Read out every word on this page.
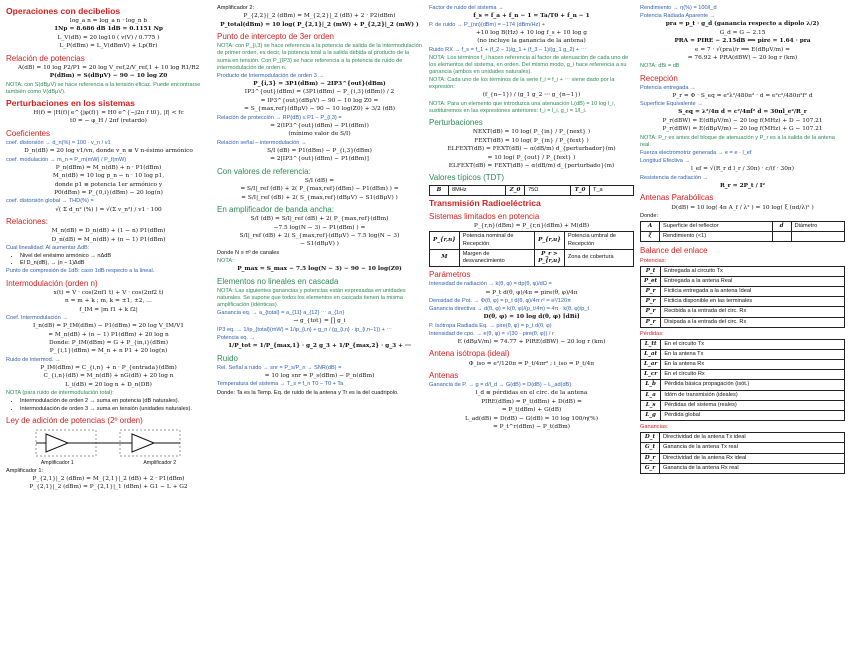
Operaciones con decibelios
log_a n = log_a n · log_n b
1Np = 8.686 dB 1dB = 0.1151 Np
L_V(dB) = 20 log10 ( v(V) / 0.775 )
L_P(dBm) = L_V(dBmV) + Lp(Br)
Relación de potencias
A(dB) = 10 log P2/P1 = 20 log V_ref,2/V_ref,1 + 10 log R1/R2
P(dBm) = S(dBμV) − 90 − 10 log Z0
NOTA: con S(dBμV) se hace referencia a la tensión eficaz. Puede encontrarse también como V(dBμV).
Perturbaciones en los sistemas
H(f) = |H(f)| e^{jφ(f)} = H0 e^{−j2π f t0}, |f| < fc
t0 = − φ_H / 2πf (retardo)
Coeficientes
coef. distorsión → d_n(%) = 100 · v_n / v1
D_n(dB) = 20 log v1/vn, donde v_n ≡ V n-ésimo armónico
coef. modulación → m_n = P_m(mW) / P_f(mW)
P_n(dBm) = M_n(dB) + n · P1(dBm)
M_n(dB) = 10 log p_n − n · 10 log p1,
donde p1 ≡ potencia 1er armónico y
P0(dBm) = P_{0,i}(dBm) − 20 log(n)
coef. distorsión global → THD(%) =
√( Σ d_n² (%) ) = √(Σ v_n²) / v1 · 100
Relaciones:
M_n(dB) = D_n(dB) + (1 − n) P1(dBm)
D_n(dB) = M_n(dB) + (n − 1) P1(dBm)
Cual linealidad: Al aumentar ΔdB:
• Nivel del enésimo armónico → nΔdB
• El D_n(dB), → (n − 1)ΔdB
Punto de compresión de 1dB: caso 1dB respecto a la lineal.
Intermodulación (orden n)
x(t) = V · cos(2πf1 t) + V · cos(2πf2 t)
n = m + k ; m, k = ±1, ±2, …
f_IM = |m f1 + k f2|
Coef. Intermodulación →
I_n(dB) = P_IM(dBm) − P1(dBm) = 20 log V_IM/V1
= M_n(dB) + (n − 1) P1(dBm) + 20 log n
Donde: P_IM(dBm) = G + P_{in,i}(dBm)
P_{i,1}(dBm) = M_n + n P1 + 20 log(n)
Ruido de intermod. →
P_IM(dBm) = C_{i,n} + n · P_{entrada}(dBm)
C_{i,n}(dB) = M_n(dB) + nG(dB) + 20 log n
L_i(dB) = 20 log n + D_n(DB)
NOTA (para ruido de intermodulación total):
• Intermodulación de orden 2 → suma en potencia (dB naturales).
• Intermodulación de orden 3 → suma en tensión (unidades naturales).
Ley de adición de potencias (2º orden)
Amplificador 1	Amplificador 2
Amplificador 1:
P_{2,1}|_2 (dBm) = M_{2,1}|_2 (dB) + 2 · P1(dBm)
P_{2,1}|_2 (dBm) = P_{2,1}|_1 (dBm) + G1 − L + G2
Amplificador 2:
P_{2,2}|_2 (dBm) = M_{2,2}|_2 (dB) + 2 · P2(dBm)
P_total(dBm) = 10 log( P_{2,1}|_2 (mW) + P_{2,2}|_2 (mW) )
Punto de intercepto de 3er orden
NOTA: con P_{i,3} se hace referencia a la potencia de salida de la intermodulación de primer orden, es decir, la potencia total a la salida debida al producto de la suma en tensión. Con P_{IP3} se hace referencia a la potencia de ruido de intermodulación de orden n.
Producto de Intermodulación de orden 3 →
P_{i,3} = 3P1(dBm) − 2IP3^{out}(dBm)
IP3^{out}(dBm) = (3P1(dBm) − P_{i,3}(dBm)) / 2
= IP3^{out}(dBμV) − 90 − 10 log Z0 =
= S_{max,ref}(dBμV) − 90 − 10 log(Z0) + 3/2 (dB)
Relación de protección → RP(dB) ≤ P1 − P_{i,3} =
= 2(IP3^{out}(dBm) − P1(dBm))
(mínimo valor de S/I)
Relación señal – intermodulación →
S/I (dB) = P1(dBm) − P_{i,3}(dBm)
= 2[IP3^{out}(dBm) − P1(dBm)]
Con valores de referencia:
S/I (dB) =
= S/I|_ref (dB) + 2( P_{max,ref}(dBm) − P1(dBm) ) =
= S/I|_ref (dB) + 2( S_{max,ref}(dBμV) − S1(dBμV) )
En amplificador de banda ancha:
S/I (dB) = S/I|_ref (dB) + 2( P_{max,ref}(dBm)
−7.5 log(N − 3) − P1(dBm) ) =
S/I|_ref (dB) + 2( S_{max,ref}(dBμV) − 7.5 log(N − 3)
− S1(dBμV) )
Donde N ≡ nº de canales
NOTA:
P_max = S_max − 7.5 log(N − 3) − 90 − 10 log(Z0)
Elementos no lineales en cascada
NOTA: Las siguientes ganancias y potencias están expresadas en unidades naturales. Se supone que todos los elementos en cascada tienen la misma amplificación (idénticas).
Ganancia eq. → a_{total} = a_{11} a_{12} ⋯ a_{1n}
→ g_{tot} = ∏ g_i
IP3 eq. → 1/ip_{total}(mW) = 1/ip_{i,n} + g_n / (g_{i,n} · ip_{i,n−1}) + ⋯
Potencia eq. →
1/P_tot = 1/P_{max,1} · g_2 g_3 + 1/P_{max,2} · g_3 + ⋯
Ruido
Rel. Señal a ruido → snr = P_s/P_n → SNR(dB) =
= 10 log snr = P_s(dBm) − P_n(dBm)
Temperatura del sistema → T_s = f_n T0 − T0 + Ta
Donde: Ta es la Temp. Eq. de ruido de la antena y Tr es la del cuadripolo.
Factor de ruido del sistema →
f_s = f_a + f_n − 1 = Ta/T0 + f_n − 1
P. de ruido → P_{nn}(dBm) = −174 (dBm/Hz) +
+10 log B(Hz) + 10 log f_s + 10 log g
(no incluye la ganancia de la antena)
Ruido RX → f_s = f_1 + (f_2 − 1)/g_1 + (f_3 − 1)/(g_1 g_2) + ⋯
NOTA: Los términos f_i hacen referencia al factor de atenuación de cada uno de los elementos del sistema, en orden. Del mismo modo, g_i hace referencia a su ganancia (ambos en unidades naturales).
NOTA: Cada uno de los términos de la serie f_i = f_i + ⋯ viene dado por la expresión:
(f_{n−1}) / (g_1 g_2 ⋯ g_{n−1})
NOTA: Para un elemento que introduzca una atenuación L(dB) = 10 log l_i, sustituiremos en las expresiones anteriores: f_i = l_i, g_i = 1/l_i.
Perturbaciones
NEXT(dB) = 10 log( P_{in} / P_{next} )
FEXT(dB) = 10 log( P_{in} / P_{fext} )
ELFEXT(dB) = FEXT(dB) − α(dB/m) d_{perturbador}(m)
= 10 log( P_{out} / P_{fext} )
ELFEXT(dB) = FEXT(dB) − α(dB/m) d_{perturbado}(m)
Valores típicos (TDT)
B	8MHz	Z_0	75Ω	T_0	T_a
Transmisión Radioeléctrica
Sistemas limitados en potencia
P_{r,n}(dBm) = P_{r,n}(dBm) + M(dB)
P_{r,n}	Potencia nominal de Recepción	P_{r,u}	Potencia umbral de Recepción
M	Margen de desvanecimiento	P_r > P_{r,u}	Zona de cobertura
Parámetros
Intensidad de radiación → k(θ, φ) = dp(θ, φ)/dΩ =
= P_t d(θ, φ)/4π = pire(θ, φ)/4π
Densidad de Pot. → Φ(θ, φ) = p_t d(θ, φ)/4π r² = e²/120π
Ganancia directiva → d(θ, φ) = k(θ, φ)/(p_t/4π) = 4π · k(θ, φ)/p_t
D(θ, φ) = 10 log d(θ, φ) [dBi]
P. Isótropa Radiada Eq. → pire(θ, φ) = p_t d(θ, φ)
Intensidad de cpo. → e(θ, φ) = √(30 · pire(θ, φ)) / r
E (dBμV/m) = 74.77 + PIRE(dBW) − 20 log r (km)
Antena isótropa (ideal)
Φ_iso = e²/120π = P_t/4πr² ; i_iso = P_t/4π
Antenas
Ganancia de P. → g = d/l_d → G(dB) = D(dB) − L_ad(dB)
l_d ≡ pérdidas en el circ. de la antena
PIRE(dBm) = P_t(dBm) + D(dB) =
= P_t(dBm) + G(dB)
L_ad(dB) = D(dB) − G(dB) = 10 log 100/η(%)
= P_t^r(dBm) − P_t(dBm)
Rendimiento → η(%) = 100/l_d
Potencia Radiada Aparente →
pra = p_t · g_d (ganancia respecto a dipolo λ/2)
G_d = G − 2.15
PRA = PIRE − 2.15dB ⟺ pire = 1.64 · pra
e = 7 · √(pra)/r ⟹ E(dBμV/m) =
= 76.92 + PRA(dBW) − 20 log r (km)
NOTA: dBi = dB
Recepción
Potencia entregada →
P_r = Φ · S_eq = e²λ²/480π² · d = e²c²/480π²f² d
Superficie Equivalente →
S_eq = λ²/4π d = c²/4πf² d = 30πl_e²/R_r
P_r(dBW) = E(dBμV/m) − 20 log f(MHz) + D − 107.21
P_r(dBW) = E(dBμV/m) − 20 log f(MHz) + G − 107.21
NOTA: P_r es antes del bloque de atenuación y P_r es a la salida de la antena real.
Fuerza electromotriz generada → e = e · l_ef
Longitud Efectiva →
l_ef = √(R_r d l_r / 30π) · c/(f · 30π)
Resistencia de radiación →
R_r = 2P_t / I²
Antenas Parabólicas
D(dB) = 10 log( 4π A_f / λ² ) = 10 log( ξ (πd/λ)² )
Donde:
A	Superficie del reflector	d	Diámetro
ξ	Rendimiento (<1)		
Balance del enlace
Potencias:
P_t	Entregada al circuito Tx
P_et	Entregada a la antena Real
P_r	Ficticia entregada a la antena Ideal
P_r	Ficticia disponible en las terminales
P_r	Recibida a la entrada del circ. Rx
P_r	Disipada a la entrada del circ. Rx
Pérdidas:
L_tt	En el circuito Tx
L_at	En la antena Tx
L_ar	En la antena Rx
L_cr	En el circuito Rx
L_b	Pérdida básica propagación (isót.)
L_a	Idóm de transmisión (ideales)
L_s	Pérdidas del sistema (reales)
L_g	Pérdida global
Ganancias:
D_t	Directividad de la antena Tx ideal
G_t	Ganancia de la antena Tx real
D_r	Directividad de la antena Rx ideal
G_r	Ganancia de la antena Rx real
